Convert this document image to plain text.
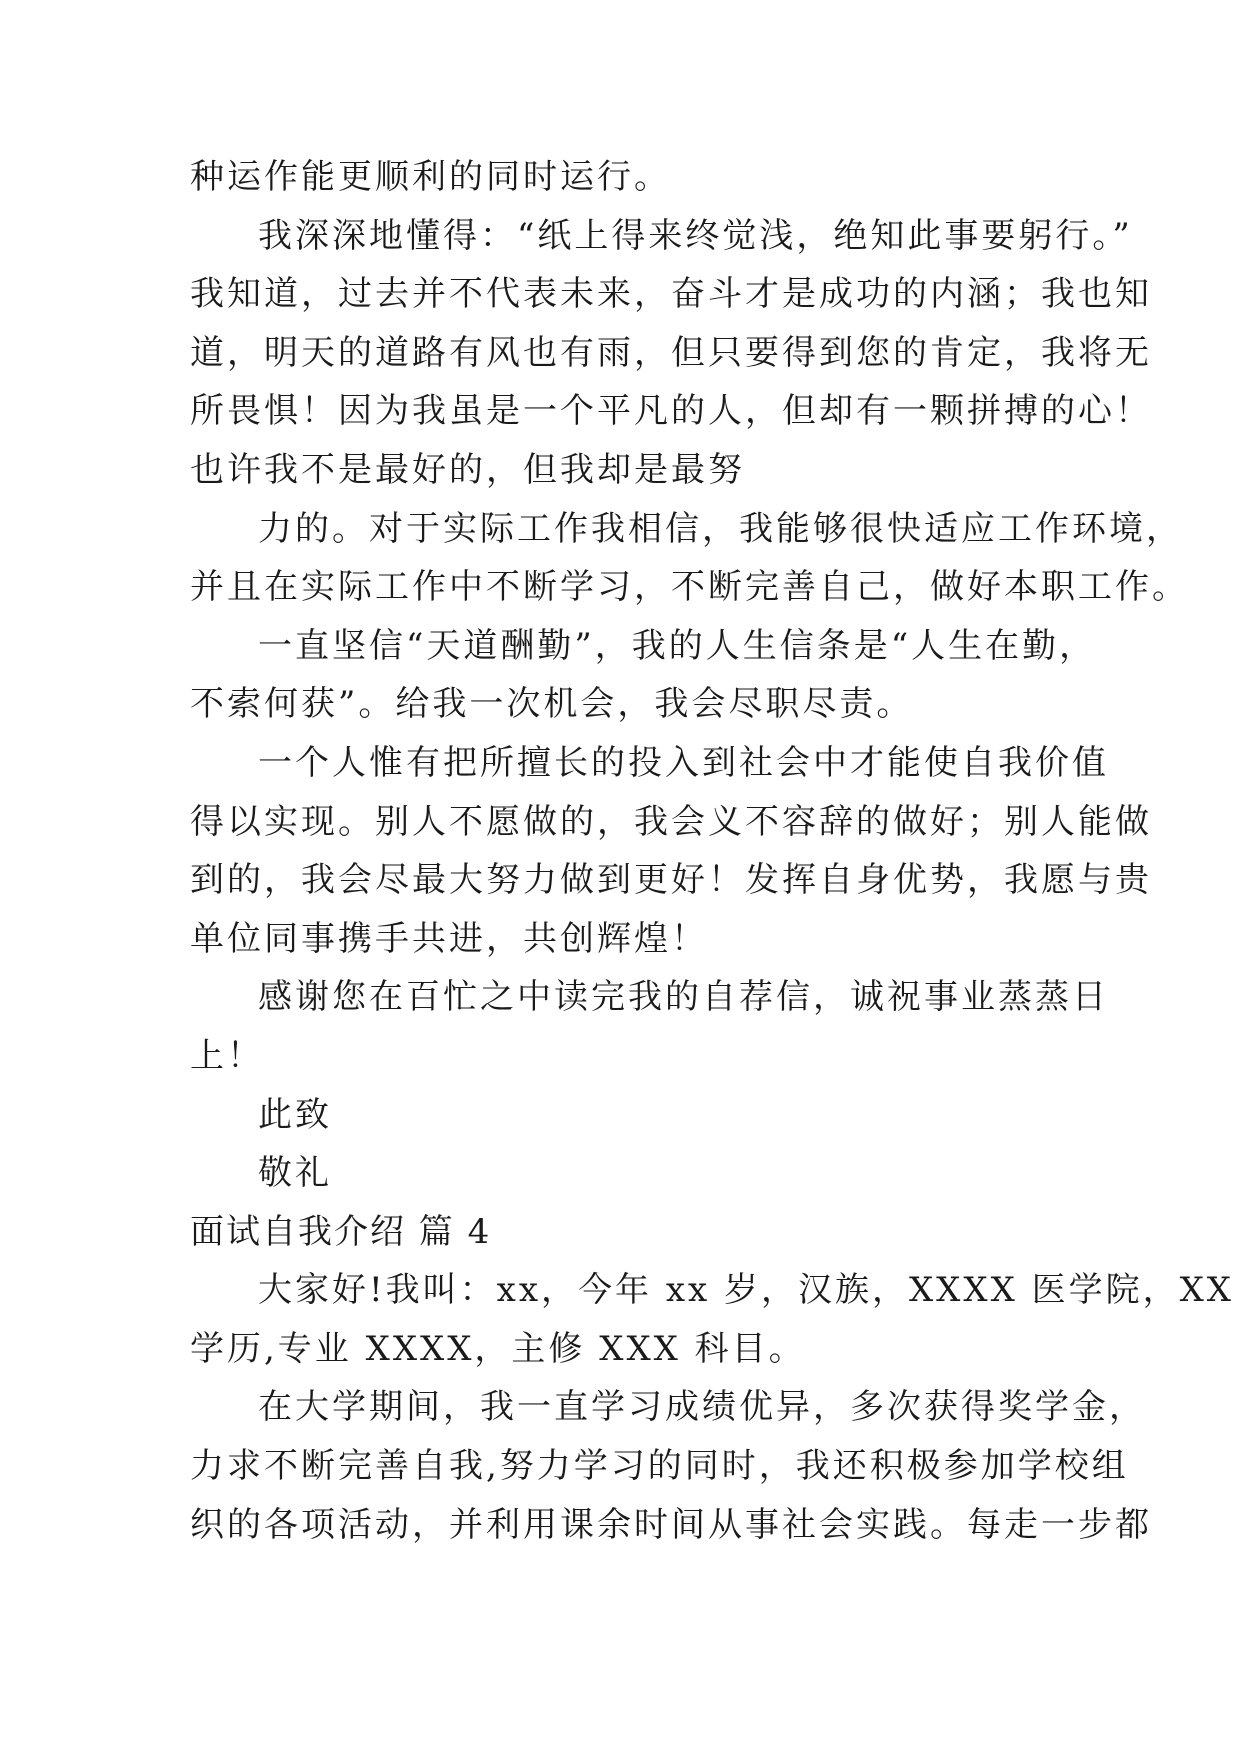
种运作能更顺利的同时运行。
我深深地懂得：“纸上得来终觉浅，绝知此事要躬行。”
我知道，过去并不代表未来，奋斗才是成功的内涵；我也知
道，明天的道路有风也有雨，但只要得到您的肯定，我将无
所畏惧！因为我虽是一个平凡的人，但却有一颗拼搏的心！
也许我不是最好的，但我却是最努
力的。对于实际工作我相信，我能够很快适应工作环境，
并且在实际工作中不断学习，不断完善自己，做好本职工作。
一直坚信“天道酬勤”，我的人生信条是“人生在勤，
不索何获”。给我一次机会，我会尽职尽责。
一个人惟有把所擅长的投入到社会中才能使自我价值
得以实现。别人不愿做的，我会义不容辞的做好；别人能做
到的，我会尽最大努力做到更好！发挥自身优势，我愿与贵
单位同事携手共进，共创辉煌！
感谢您在百忙之中读完我的自荐信，诚祝事业蒸蒸日
上！
此致
敬礼
面试自我介绍 篇 4
大家好!我叫：xx，今年 xx 岁，汉族，XXXX 医学院，XX
学历,专业 XXXX，主修 XXX 科目。
在大学期间，我一直学习成绩优异，多次获得奖学金，
力求不断完善自我,努力学习的同时，我还积极参加学校组
织的各项活动，并利用课余时间从事社会实践。每走一步都
